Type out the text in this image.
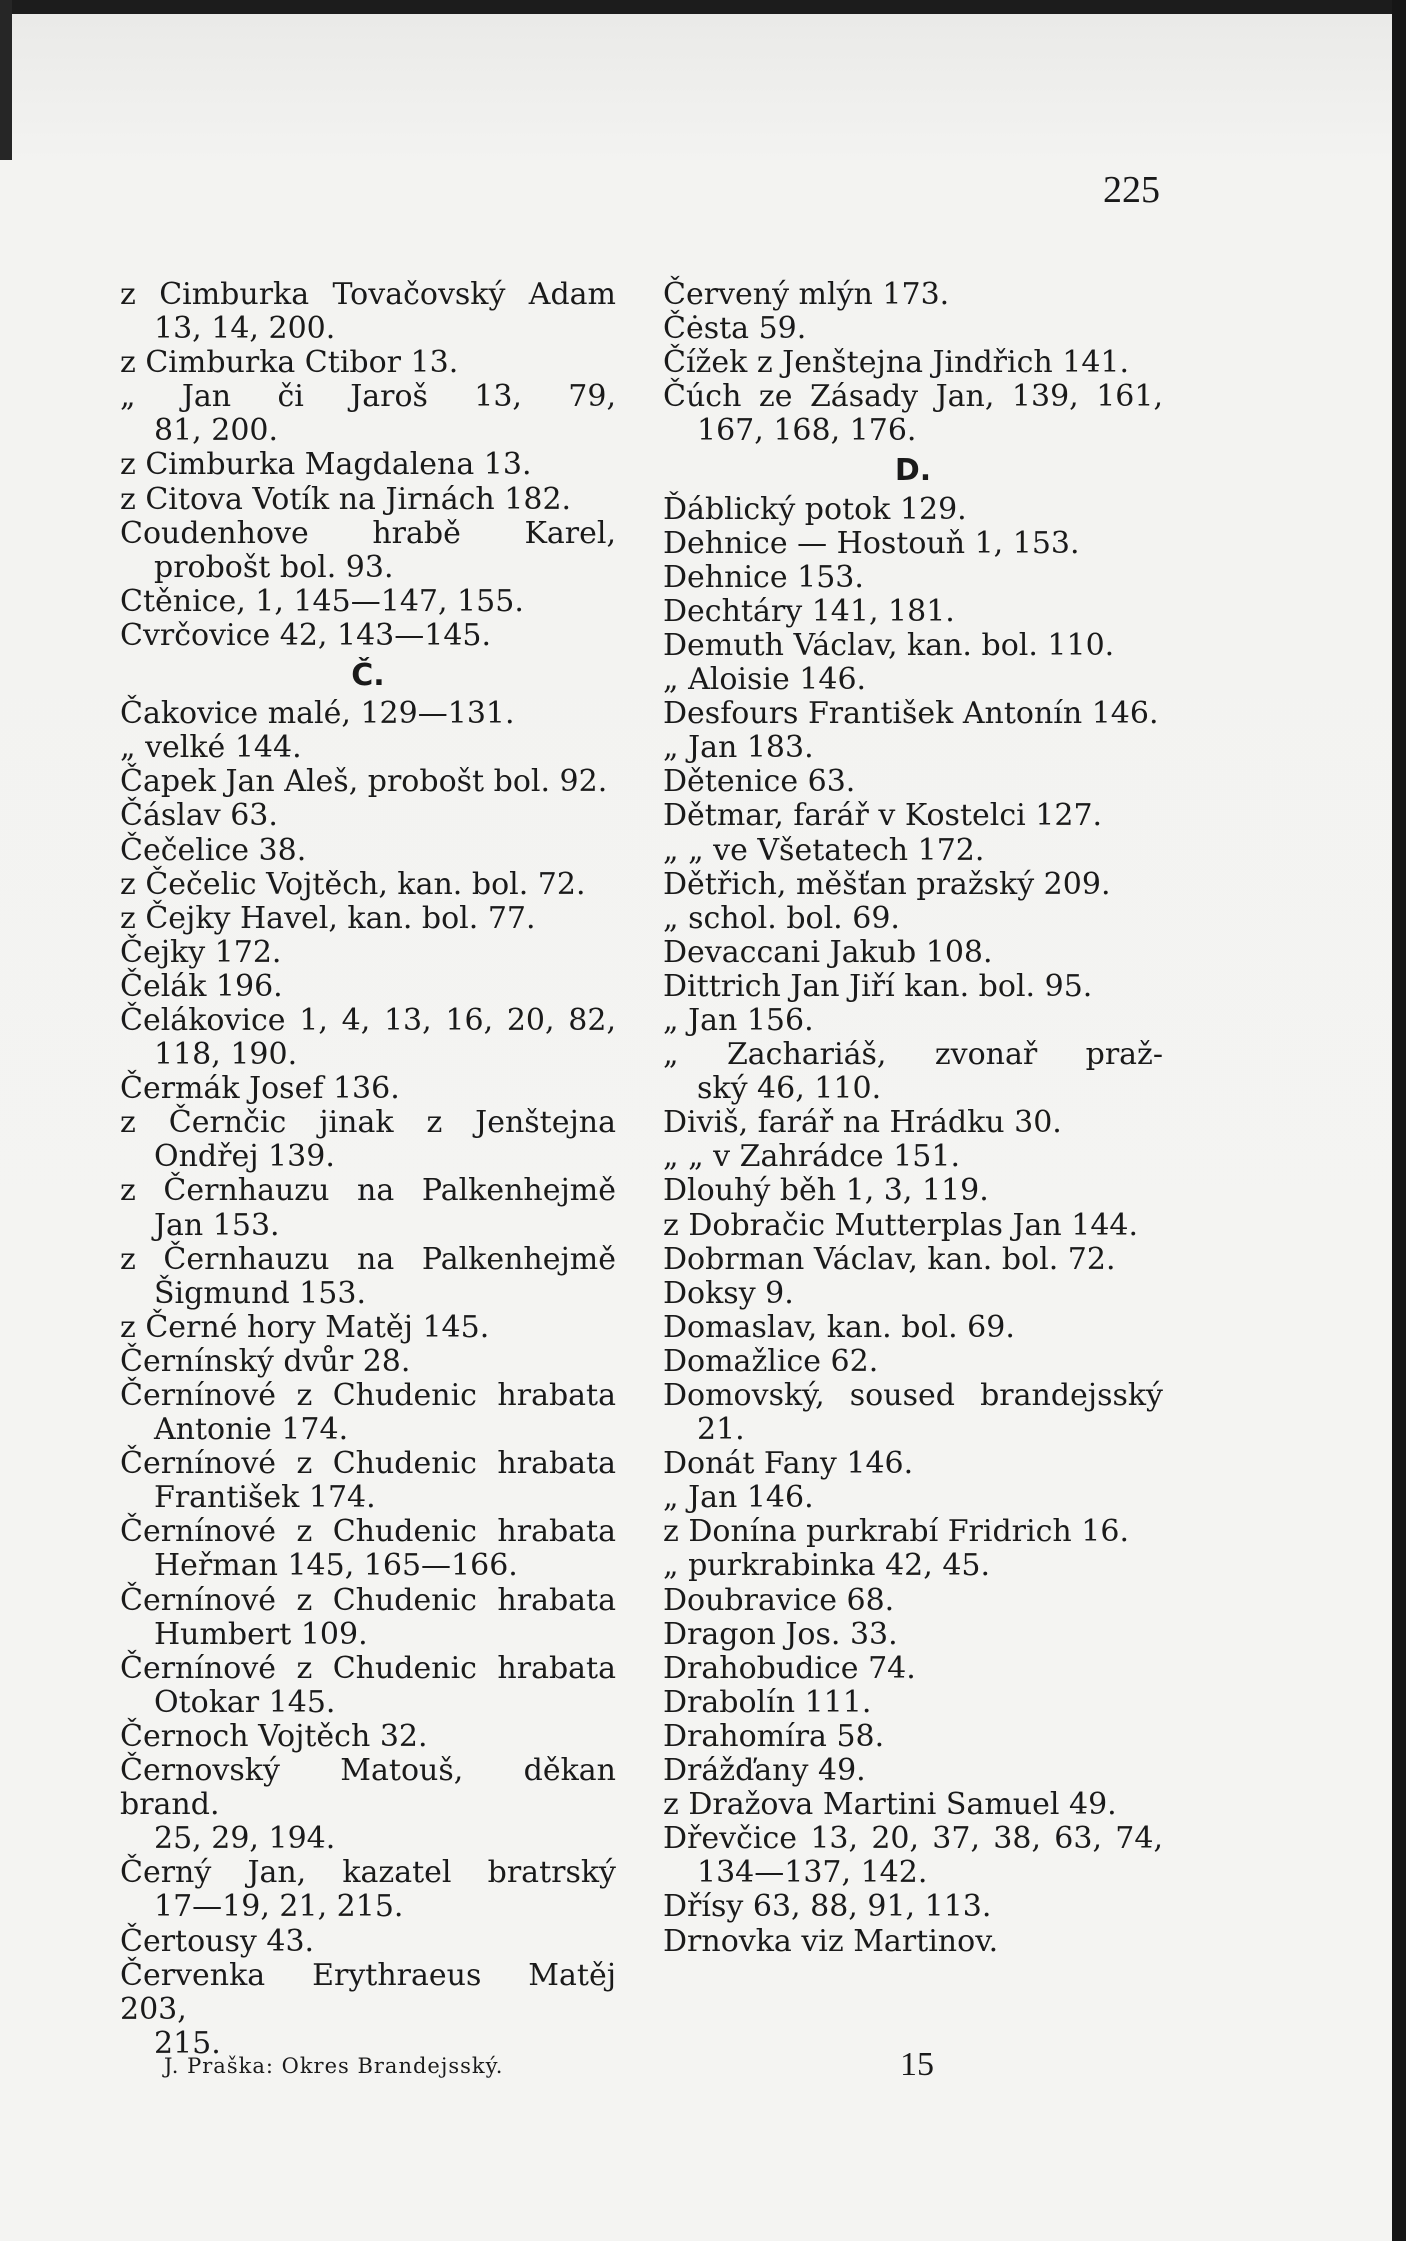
225
z Cimburka Tovačovský Adam
13, 14, 200.
z Cimburka Ctibor 13.
„ Jan či Jaroš 13, 79,
81, 200.
z Cimburka Magdalena 13.
z Citova Votík na Jirnách 182.
Coudenhove hrabě Karel,
probošt bol. 93.
Ctěnice, 1, 145—147, 155.
Cvrčovice 42, 143—145.
Č.
Čakovice malé, 129—131.
„ velké 144.
Čapek Jan Aleš, probošt bol. 92.
Čáslav 63.
Čečelice 38.
z Čečelic Vojtěch, kan. bol. 72.
z Čejky Havel, kan. bol. 77.
Čejky 172.
Čelák 196.
Čelákovice 1, 4, 13, 16, 20, 82,
118, 190.
Čermák Josef 136.
z Černčic jinak z Jenštejna
Ondřej 139.
z Černhauzu na Palkenhejmě
Jan 153.
z Černhauzu na Palkenhejmě
Šigmund 153.
z Černé hory Matěj 145.
Černínský dvůr 28.
Černínové z Chudenic hrabata
Antonie 174.
Černínové z Chudenic hrabata
František 174.
Černínové z Chudenic hrabata
Heřman 145, 165—166.
Černínové z Chudenic hrabata
Humbert 109.
Černínové z Chudenic hrabata
Otokar 145.
Černoch Vojtěch 32.
Černovský Matouš, děkan brand.
25, 29, 194.
Černý Jan, kazatel bratrský
17—19, 21, 215.
Čertousy 43.
Červenka Erythraeus Matěj 203,
215.
Červený mlýn 173.
Čėsta 59.
Čížek z Jenštejna Jindřich 141.
Čúch ze Zásady Jan, 139, 161,
167, 168, 176.
D.
Ďáblický potok 129.
Dehnice — Hostouň 1, 153.
Dehnice 153.
Dechtáry 141, 181.
Demuth Václav, kan. bol. 110.
„ Aloisie 146.
Desfours František Antonín 146.
„ Jan 183.
Dětenice 63.
Dětmar, farář v Kostelci 127.
„ „ ve Všetatech 172.
Dětřich, měšťan pražský 209.
„ schol. bol. 69.
Devaccani Jakub 108.
Dittrich Jan Jiří kan. bol. 95.
„ Jan 156.
„ Zachariáš, zvonař praž-
ský 46, 110.
Diviš, farář na Hrádku 30.
„ „ v Zahrádce 151.
Dlouhý běh 1, 3, 119.
z Dobračic Mutterplas Jan 144.
Dobrman Václav, kan. bol. 72.
Doksy 9.
Domaslav, kan. bol. 69.
Domažlice 62.
Domovský, soused brandejsský
21.
Donát Fany 146.
„ Jan 146.
z Donína purkrabí Fridrich 16.
„ purkrabinka 42, 45.
Doubravice 68.
Dragon Jos. 33.
Drahobudice 74.
Drabolín 111.
Drahomíra 58.
Drážďany 49.
z Dražova Martini Samuel 49.
Dřevčice 13, 20, 37, 38, 63, 74,
134—137, 142.
Dřísy 63, 88, 91, 113.
Drnovka viz Martinov.
J. Praška: Okres Brandejsský.	15
